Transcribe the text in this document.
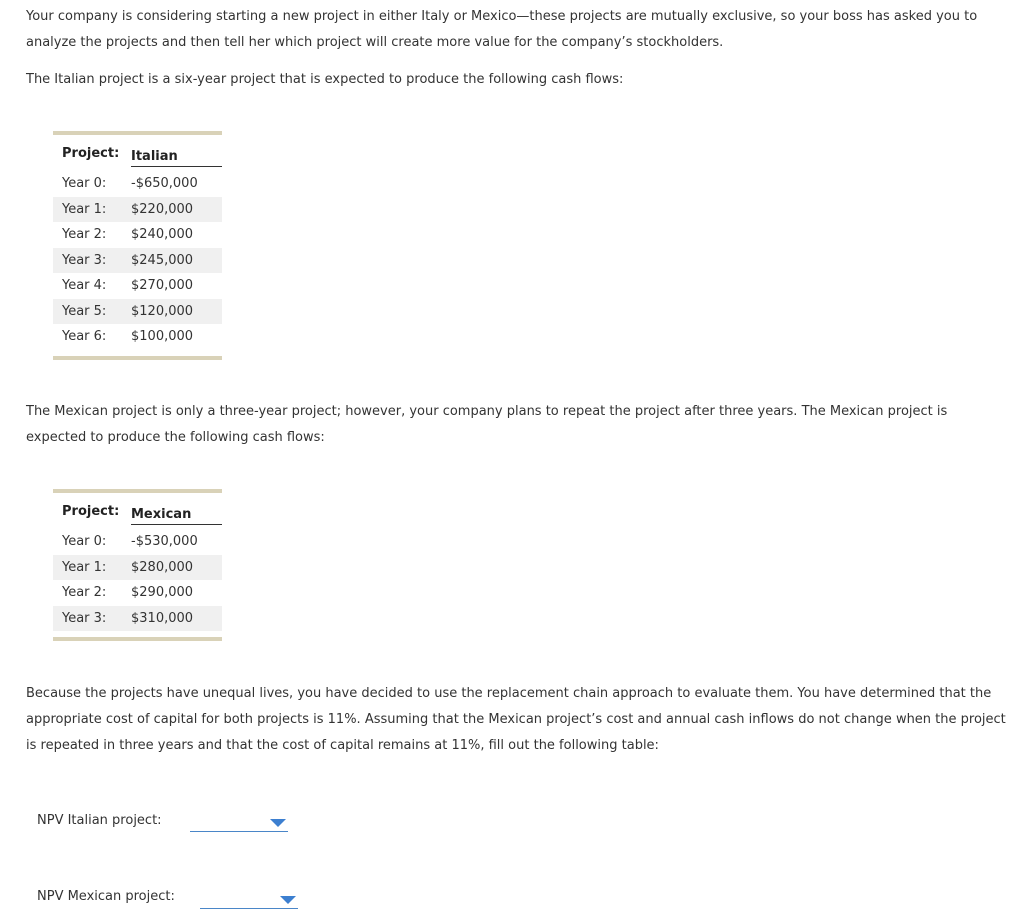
Your company is considering starting a new project in either Italy or Mexico—these projects are mutually exclusive, so your boss has asked you to analyze the projects and then tell her which project will create more value for the company’s stockholders.

The Italian project is a six-year project that is expected to produce the following cash flows:

Project: Italian
Year 0:	-$650,000
Year 1:	$220,000
Year 2:	$240,000
Year 3:	$245,000
Year 4:	$270,000
Year 5:	$120,000
Year 6:	$100,000

The Mexican project is only a three-year project; however, your company plans to repeat the project after three years. The Mexican project is expected to produce the following cash flows:

Project: Mexican
Year 0:	-$530,000
Year 1:	$280,000
Year 2:	$290,000
Year 3:	$310,000

Because the projects have unequal lives, you have decided to use the replacement chain approach to evaluate them. You have determined that the appropriate cost of capital for both projects is 11%. Assuming that the Mexican project’s cost and annual cash inflows do not change when the project is repeated in three years and that the cost of capital remains at 11%, fill out the following table:

NPV Italian project:
NPV Mexican project:
